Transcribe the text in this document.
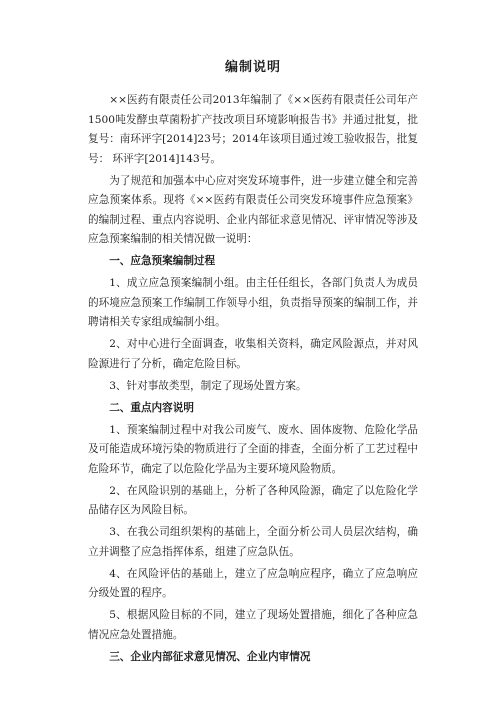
编制说明

××医药有限责任公司2013年编制了《××医药有限责任公司年产1500吨发酵虫草菌粉扩产技改项目环境影响报告书》并通过批复，批复号：南环评字[2014]23号；2014年该项目通过竣工验收报告，批复号： 环评字[2014]143号。

为了规范和加强本中心应对突发环境事件，进一步建立健全和完善应急预案体系。现将《××医药有限责任公司突发环境事件应急预案》的编制过程、重点内容说明、企业内部征求意见情况、评审情况等涉及应急预案编制的相关情况做一说明：

一、应急预案编制过程

1、成立应急预案编制小组。由主任任组长，各部门负责人为成员的环境应急预案工作编制工作领导小组，负责指导预案的编制工作，并聘请相关专家组成编制小组。

2、对中心进行全面调查，收集相关资料，确定风险源点，并对风险源进行了分析，确定危险目标。

3、针对事故类型，制定了现场处置方案。

二、重点内容说明

1、预案编制过程中对我公司废气、废水、固体废物、危险化学品及可能造成环境污染的物质进行了全面的排查，全面分析了工艺过程中危险环节，确定了以危险化学品为主要环境风险物质。

2、在风险识别的基础上，分析了各种风险源，确定了以危险化学品储存区为风险目标。

3、在我公司组织架构的基础上，全面分析公司人员层次结构，确立并调整了应急指挥体系，组建了应急队伍。

4、在风险评估的基础上，建立了应急响应程序，确立了应急响应分级处置的程序。

5、根据风险目标的不同，建立了现场处置措施，细化了各种应急情况应急处置措施。

三、企业内部征求意见情况、企业内审情况
